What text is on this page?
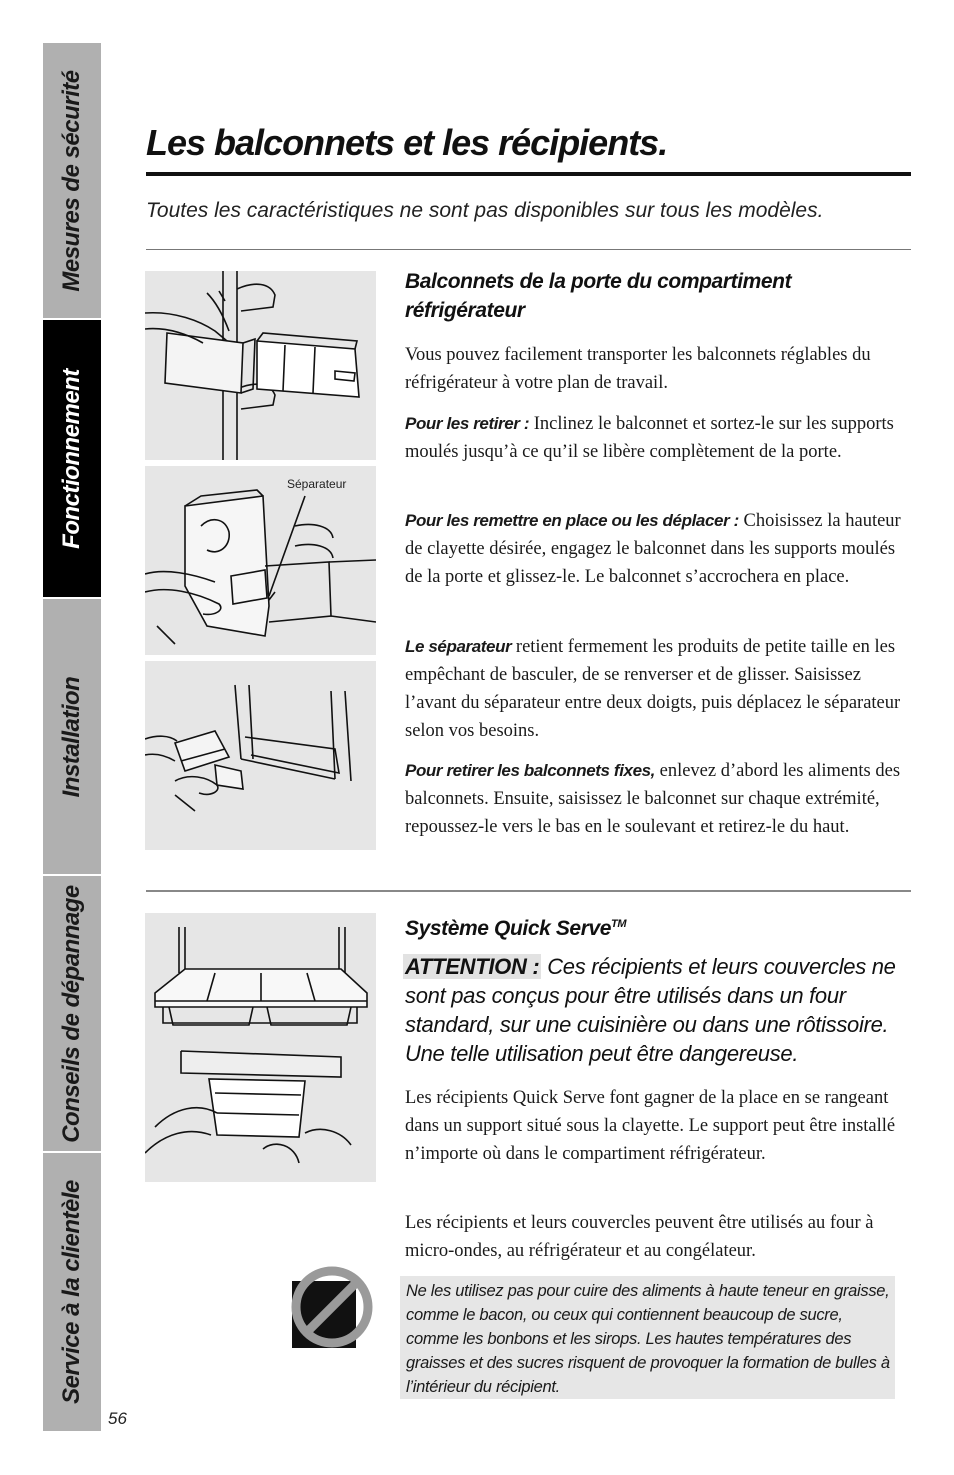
Mesures de sécurité
Fonctionnement
Installation
Conseils de dépannage
Service à la clientèle
Les balconnets et les récipients.

Toutes les caractéristiques ne sont pas disponibles sur tous les modèles.

Séparateur
Balconnets de la porte du compartiment
réfrigérateur

Vous pouvez facilement transporter les balconnets réglables du réfrigérateur à votre plan de travail.

Pour les retirer : Inclinez le balconnet et sortez-le sur les supports moulés jusqu’à ce qu’il se libère complètement de la porte.

Pour les remettre en place ou les déplacer : Choisissez la hauteur de clayette désirée, engagez le balconnet dans les supports moulés de la porte et glissez-le. Le balconnet s’accrochera en place.

Le séparateur retient fermement les produits de petite taille en les empêchant de basculer, de se renverser et de glisser. Saisissez l’avant du séparateur entre deux doigts, puis déplacez le séparateur selon vos besoins.

Pour retirer les balconnets fixes, enlevez d’abord les aliments des balconnets. Ensuite, saisissez le balconnet sur chaque extrémité, repoussez-le vers le bas en le soulevant et retirez-le du haut.

Système Quick Serve™

ATTENTION : Ces récipients et leurs couvercles ne sont pas conçus pour être utilisés dans un four standard, sur une cuisinière ou dans une rôtissoire. Une telle utilisation peut être dangereuse.

Les récipients Quick Serve font gagner de la place en se rangeant dans un support situé sous la clayette. Le support peut être installé n’importe où dans le compartiment réfrigérateur.

Les récipients et leurs couvercles peuvent être utilisés au four à micro-ondes, au réfrigérateur et au congélateur.

Ne les utilisez pas pour cuire des aliments à haute teneur en graisse, comme le bacon, ou ceux qui contiennent beaucoup de sucre, comme les bonbons et les sirops. Les hautes températures des graisses et des sucres risquent de provoquer la formation de bulles à l’intérieur du récipient.

56
